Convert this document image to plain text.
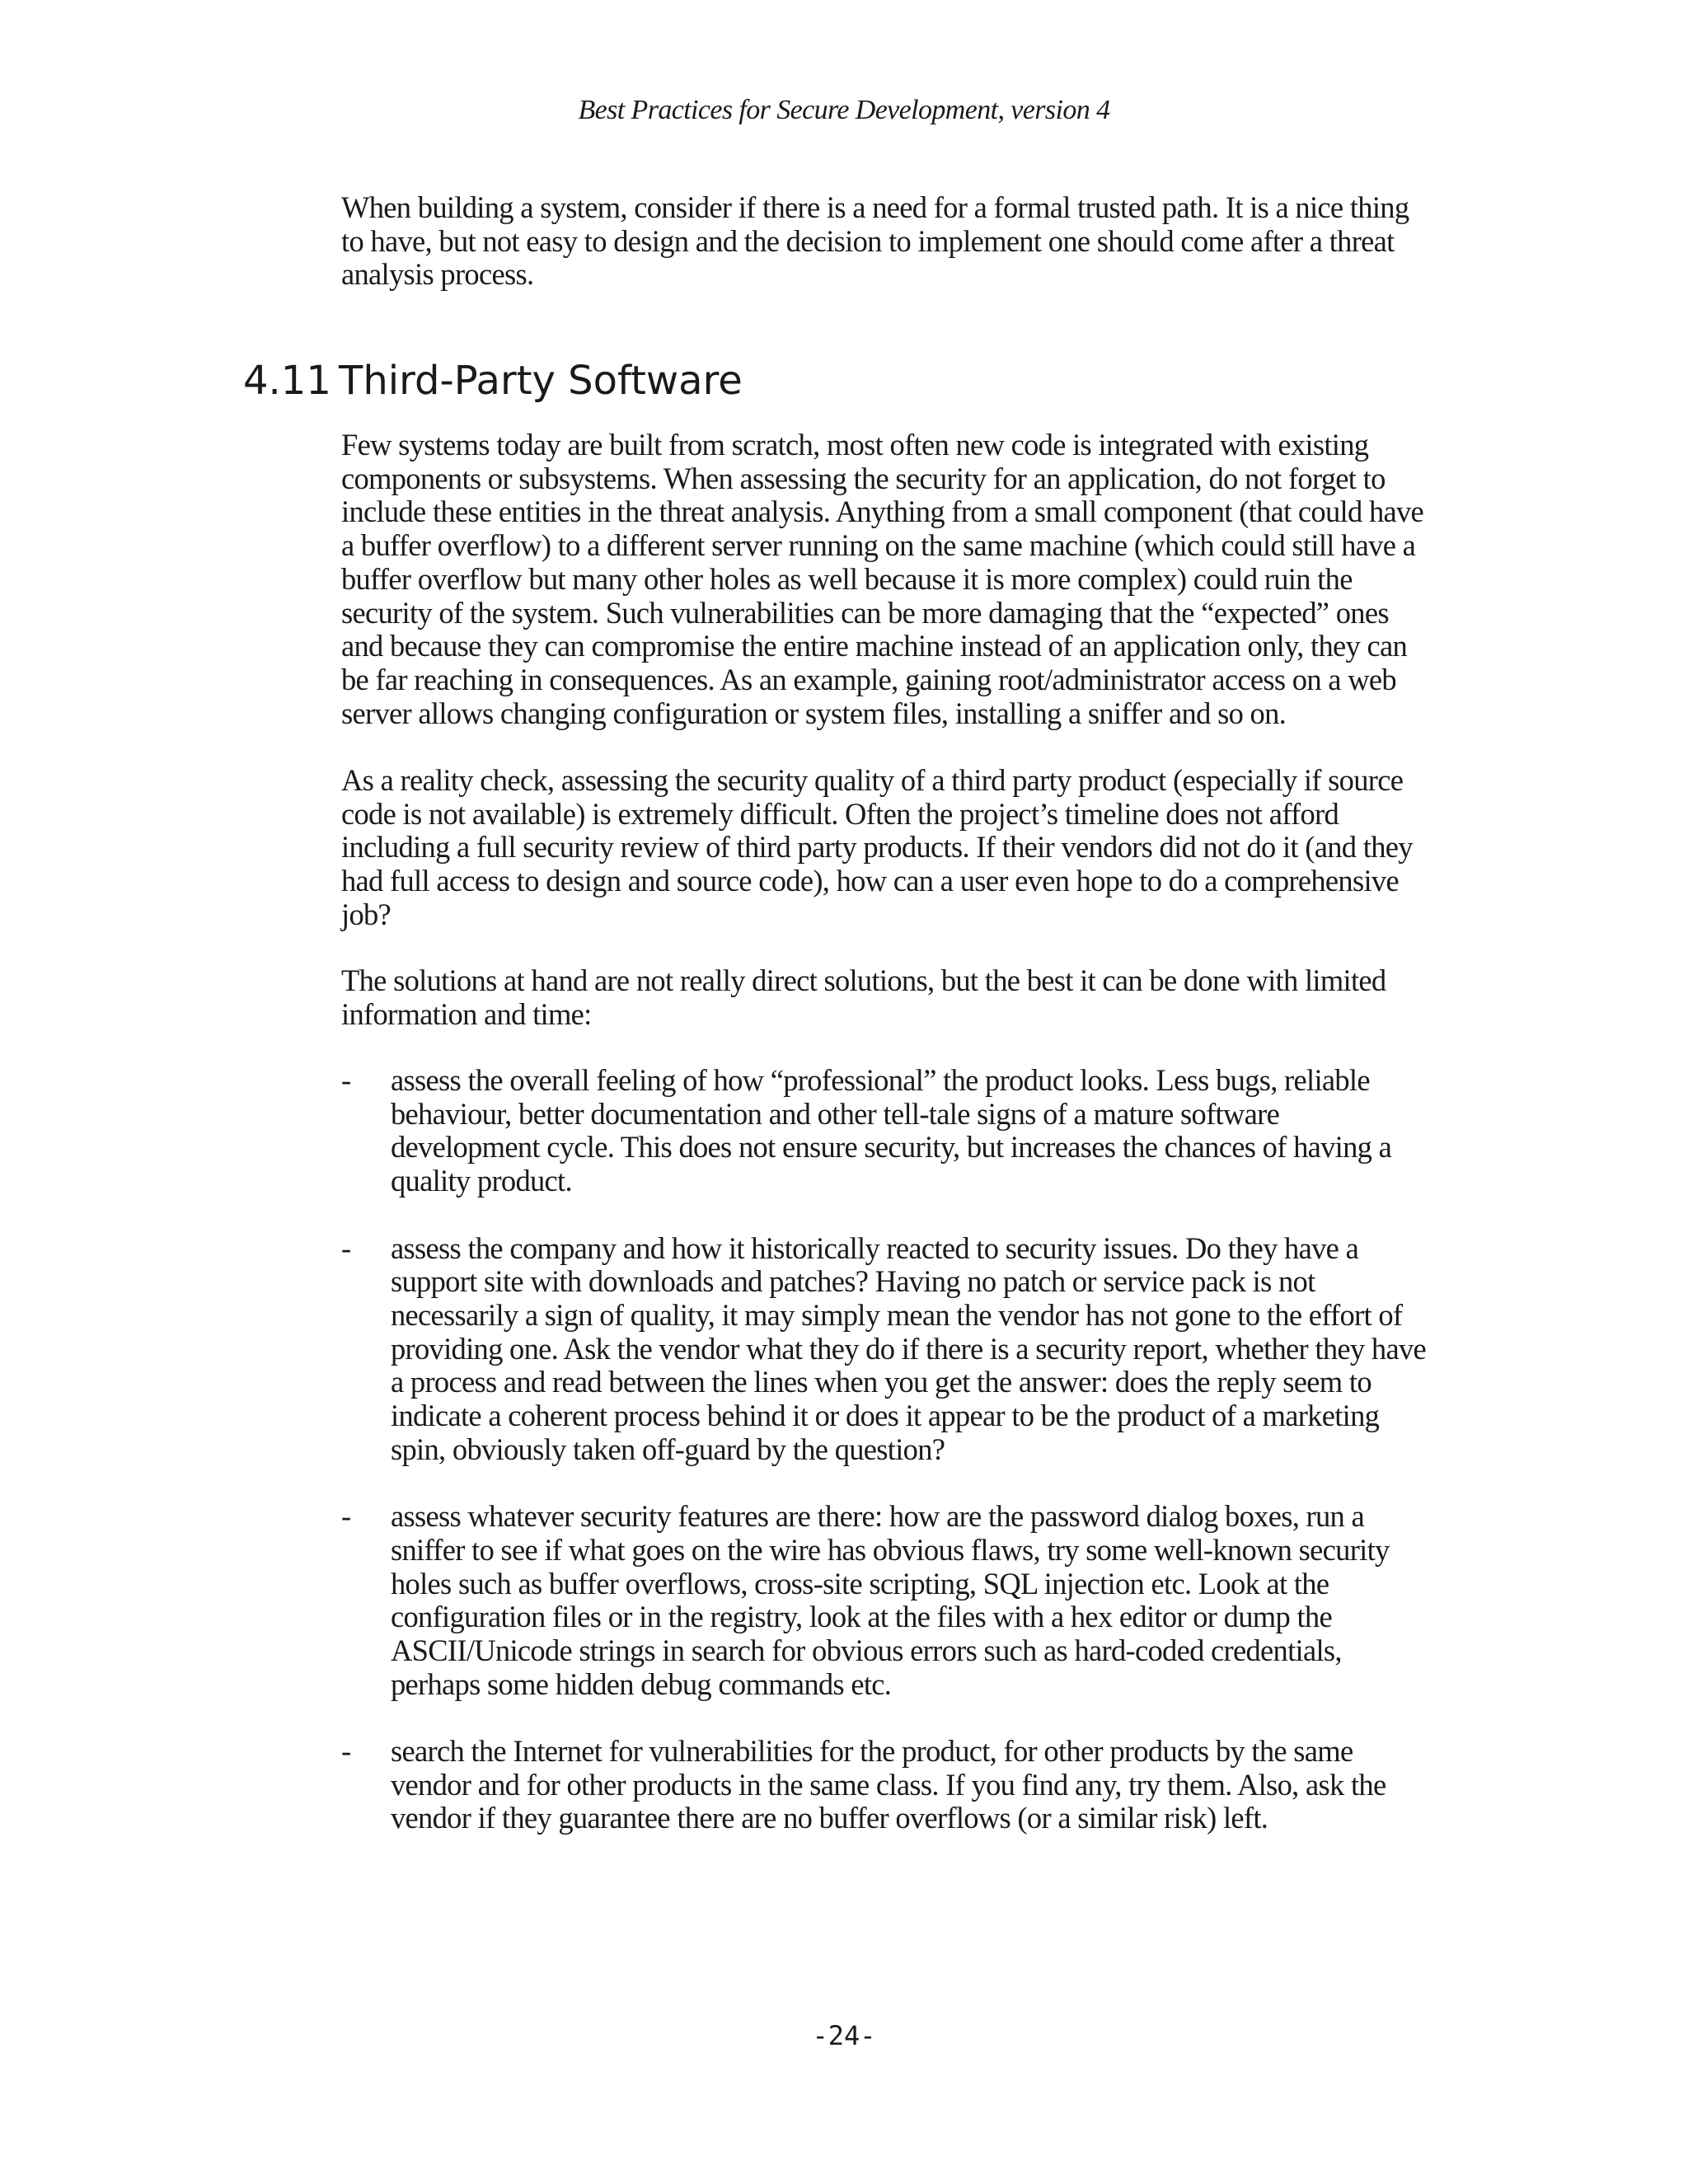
Best Practices for Secure Development, version 4

When building a system, consider if there is a need for a formal trusted path. It is a nice thing to have, but not easy to design and the decision to implement one should come after a threat analysis process.

4.11 Third-Party Software

Few systems today are built from scratch, most often new code is integrated with existing components or subsystems. When assessing the security for an application, do not forget to include these entities in the threat analysis. Anything from a small component (that could have a buffer overflow) to a different server running on the same machine (which could still have a buffer overflow but many other holes as well because it is more complex) could ruin the security of the system. Such vulnerabilities can be more damaging that the “expected” ones and because they can compromise the entire machine instead of an application only, they can be far reaching in consequences. As an example, gaining root/administrator access on a web server allows changing configuration or system files, installing a sniffer and so on.

As a reality check, assessing the security quality of a third party product (especially if source code is not available) is extremely difficult. Often the project’s timeline does not afford including a full security review of third party products. If their vendors did not do it (and they had full access to design and source code), how can a user even hope to do a comprehensive job?

The solutions at hand are not really direct solutions, but the best it can be done with limited information and time:

- assess the overall feeling of how “professional” the product looks. Less bugs, reliable behaviour, better documentation and other tell-tale signs of a mature software development cycle. This does not ensure security, but increases the chances of having a quality product.
- assess the company and how it historically reacted to security issues. Do they have a support site with downloads and patches? Having no patch or service pack is not necessarily a sign of quality, it may simply mean the vendor has not gone to the effort of providing one. Ask the vendor what they do if there is a security report, whether they have a process and read between the lines when you get the answer: does the reply seem to indicate a coherent process behind it or does it appear to be the product of a marketing spin, obviously taken off-guard by the question?
- assess whatever security features are there: how are the password dialog boxes, run a sniffer to see if what goes on the wire has obvious flaws, try some well-known security holes such as buffer overflows, cross-site scripting, SQL injection etc. Look at the configuration files or in the registry, look at the files with a hex editor or dump the ASCII/Unicode strings in search for obvious errors such as hard-coded credentials, perhaps some hidden debug commands etc.
- search the Internet for vulnerabilities for the product, for other products by the same vendor and for other products in the same class. If you find any, try them. Also, ask the vendor if they guarantee there are no buffer overflows (or a similar risk) left.
-24-
